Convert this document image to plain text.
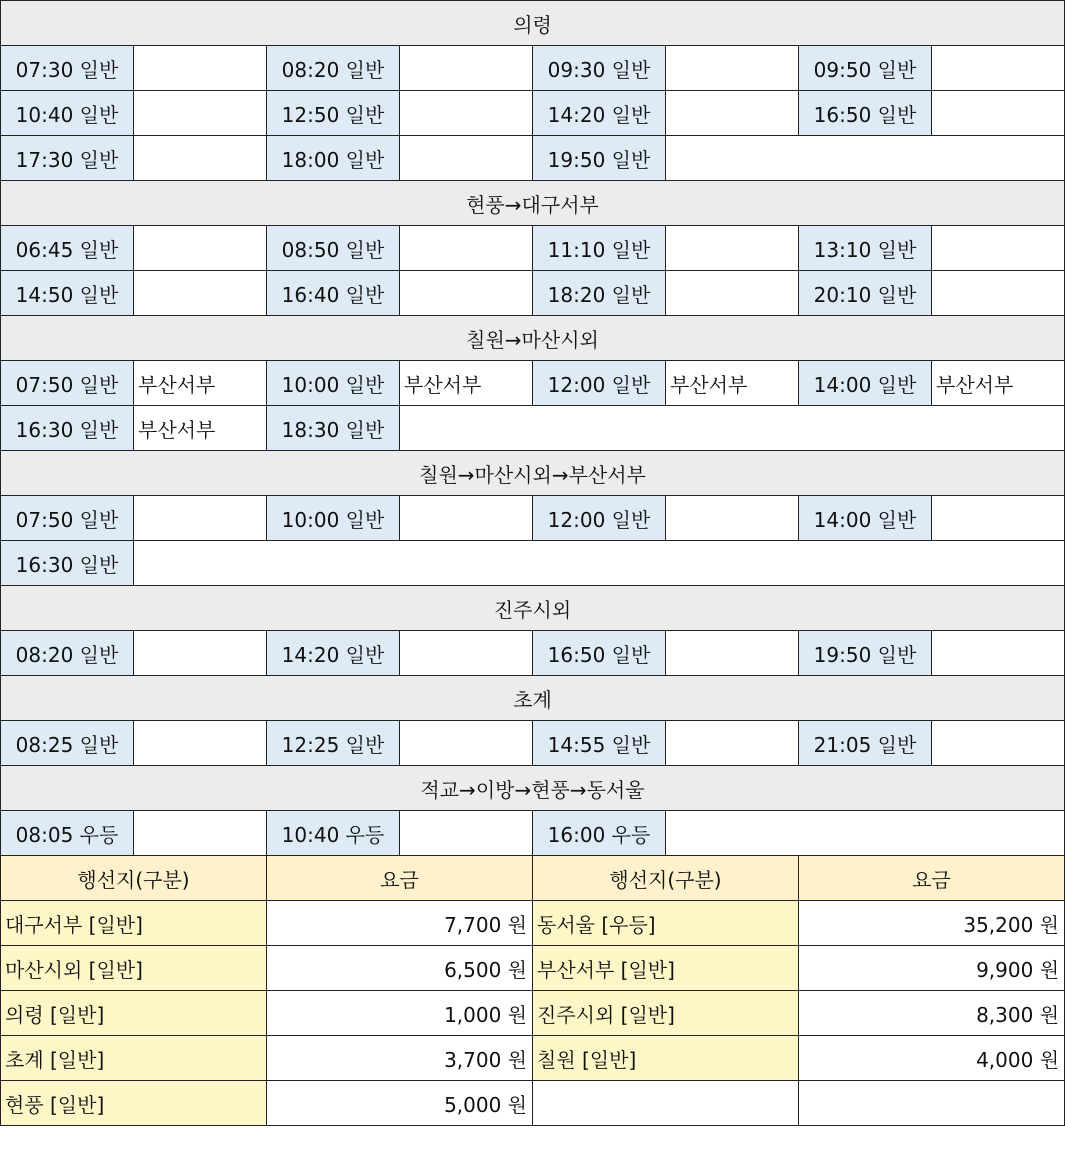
의령							
07:30 일반		08:20 일반		09:30 일반		09:50 일반	
10:40 일반		12:50 일반		14:20 일반		16:50 일반	
17:30 일반		18:00 일반		19:50 일반			
현풍→대구서부							
06:45 일반		08:50 일반		11:10 일반		13:10 일반	
14:50 일반		16:40 일반		18:20 일반		20:10 일반	
칠원→마산시외							
07:50 일반	부산서부	10:00 일반	부산서부	12:00 일반	부산서부	14:00 일반	부산서부
16:30 일반	부산서부	18:30 일반					
칠원→마산시외→부산서부							
07:50 일반		10:00 일반		12:00 일반		14:00 일반	
16:30 일반							
진주시외							
08:20 일반		14:20 일반		16:50 일반		19:50 일반	
초계							
08:25 일반		12:25 일반		14:55 일반		21:05 일반	
적교→이방→현풍→동서울							
08:05 우등		10:40 우등		16:00 우등			
행선지(구분)		요금		행선지(구분)		요금	
대구서부 [일반]		7,700 원		동서울 [우등]		35,200 원	
마산시외 [일반]		6,500 원		부산서부 [일반]		9,900 원	
의령 [일반]		1,000 원		진주시외 [일반]		8,300 원	
초계 [일반]		3,700 원		칠원 [일반]		4,000 원	
현풍 [일반]		5,000 원					
